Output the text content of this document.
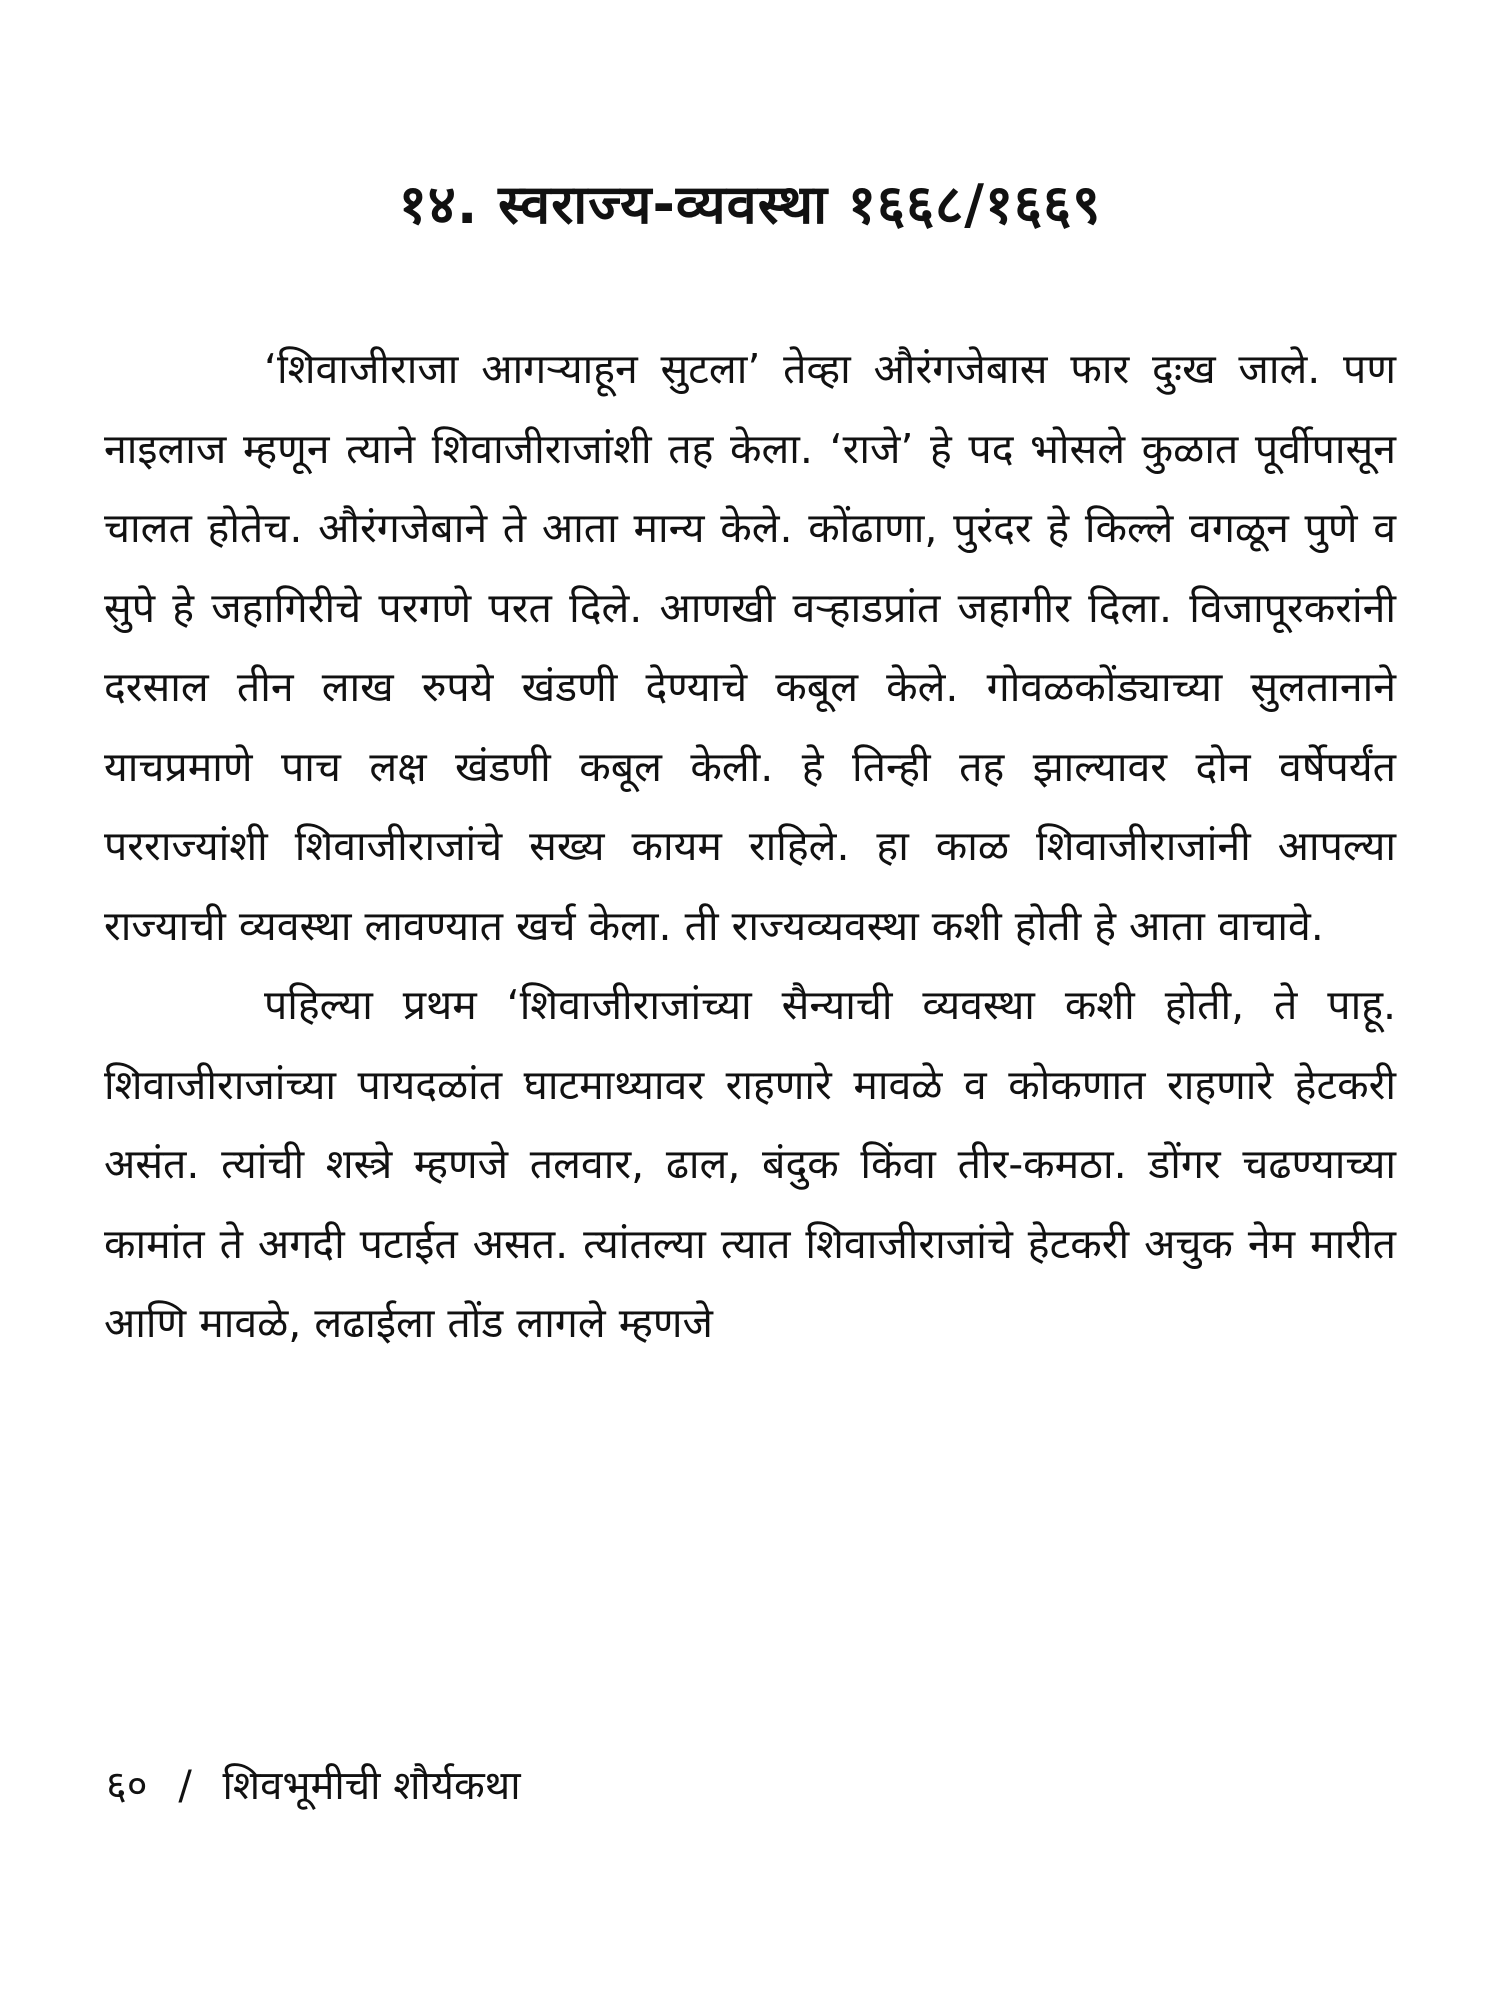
१४. स्वराज्य-व्यवस्था १६६८/१६६९

‘शिवाजीराजा आगऱ्याहून सुटला’ तेव्हा औरंगजेबास फार दुःख जाले. पण नाइलाज म्हणून त्याने शिवाजीराजांशी तह केला. ‘राजे’ हे पद भोसले कुळात पूर्वीपासून चालत होतेच. औरंगजेबाने ते आता मान्य केले. कोंढाणा, पुरंदर हे किल्ले वगळून पुणे व सुपे हे जहागिरीचे परगणे परत दिले. आणखी वऱ्हाडप्रांत जहागीर दिला. विजापूरकरांनी दरसाल तीन लाख रुपये खंडणी देण्याचे कबूल केले. गोवळकोंड्याच्या सुलतानाने याचप्रमाणे पाच लक्ष खंडणी कबूल केली. हे तिन्ही तह झाल्यावर दोन वर्षेपर्यंत परराज्यांशी शिवाजीराजांचे सख्य कायम राहिले. हा काळ शिवाजीराजांनी आपल्या राज्याची व्यवस्था लावण्यात खर्च केला. ती राज्यव्यवस्था कशी होती हे आता वाचावे.

पहिल्या प्रथम ‘शिवाजीराजांच्या सैन्याची व्यवस्था कशी होती, ते पाहू. शिवाजीराजांच्या पायदळांत घाटमाथ्यावर राहणारे मावळे व कोकणात राहणारे हेटकरी असंत. त्यांची शस्त्रे म्हणजे तलवार, ढाल, बंदुक किंवा तीर-कमठा. डोंगर चढण्याच्या कामांत ते अगदी पटाईत असत. त्यांतल्या त्यात शिवाजीराजांचे हेटकरी अचुक नेम मारीत आणि मावळे, लढाईला तोंड लागले म्हणजे

६० / शिवभूमीची शौर्यकथा
